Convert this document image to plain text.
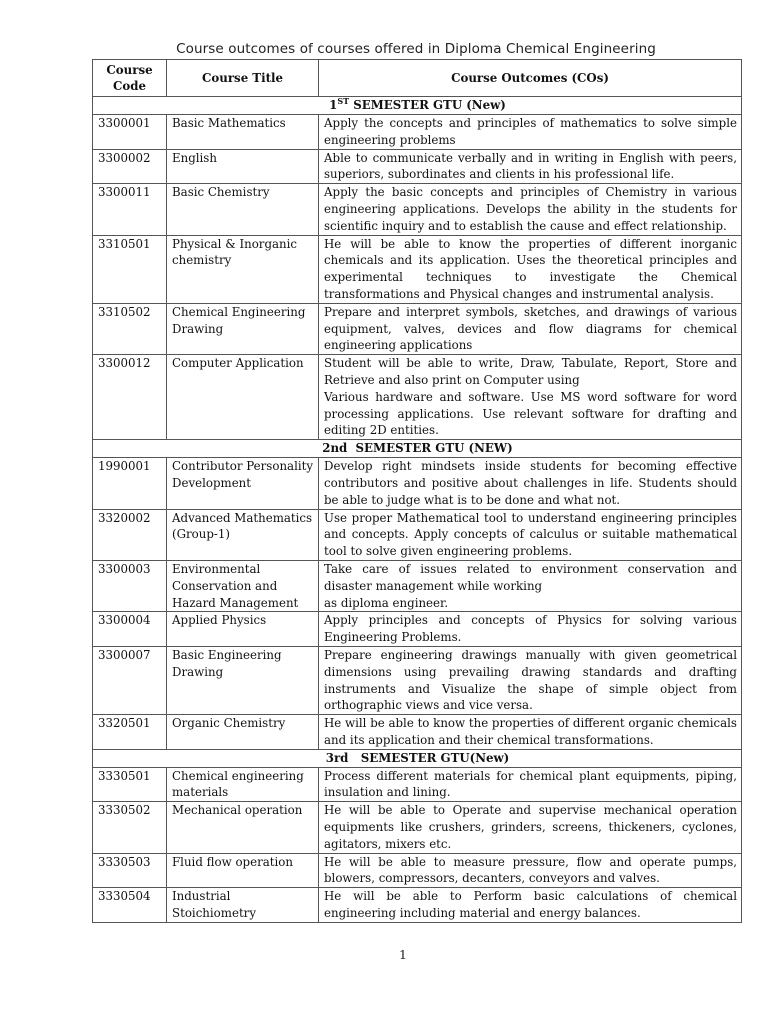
Course outcomes of courses offered in Diploma Chemical Engineering
Course
Code	Course Title	Course Outcomes (COs)
1ST SEMESTER GTU (New)		
3300001	Basic Mathematics	Apply the concepts and principles of mathematics to solve simple engineering problems

3300002	English	Able to communicate verbally and in writing in English with peers, superiors, subordinates and clients in his professional life.

3300011	Basic Chemistry	Apply the basic concepts and principles of Chemistry in various engineering applications. Develops the ability in the students for scientific inquiry and to establish the cause and effect relationship.

3310501	Physical & Inorganic chemistry	He will be able to know the properties of different inorganic chemicals and its application. Uses the theoretical principles and experimental techniques to investigate the Chemical transformations and Physical changes and instrumental analysis.

3310502	Chemical Engineering Drawing	Prepare and interpret symbols, sketches, and drawings of various equipment, valves, devices and flow diagrams for chemical engineering applications

3300012	Computer Application	Student will be able to write, Draw, Tabulate, Report, Store and Retrieve and also print on Computer using
Various hardware and software. Use MS word software for word processing applications. Use relevant software for drafting and editing 2D entities.

2nd  SEMESTER GTU (NEW)		
1990001	Contributor Personality Development	Develop right mindsets inside students for becoming effective contributors and positive about challenges in life. Students should be able to judge what is to be done and what not.

3320002	Advanced Mathematics (Group-1)	Use proper Mathematical tool to understand engineering principles and concepts. Apply concepts of calculus or suitable mathematical tool to solve given engineering problems.

3300003	Environmental Conservation and Hazard Management	Take care of issues related to environment conservation and disaster management while working
as diploma engineer.

3300004	Applied Physics	Apply principles and concepts of Physics for solving various Engineering Problems.

3300007	Basic Engineering Drawing	Prepare engineering drawings manually with given geometrical dimensions using prevailing drawing standards and drafting instruments and Visualize the shape of simple object from orthographic views and vice versa.

3320501	Organic Chemistry	He will be able to know the properties of different organic chemicals and its application and their chemical transformations.

3rd   SEMESTER GTU(New)		
3330501	Chemical engineering materials	Process different materials for chemical plant equipments, piping, insulation and lining.

3330502	Mechanical operation	He will be able to Operate and supervise mechanical operation equipments like crushers, grinders, screens, thickeners, cyclones, agitators, mixers etc.

3330503	Fluid flow operation	He will be able to measure pressure, flow and operate pumps, blowers, compressors, decanters, conveyors and valves.

3330504	Industrial Stoichiometry	He will be able to Perform basic calculations of chemical engineering including material and energy balances.
1
